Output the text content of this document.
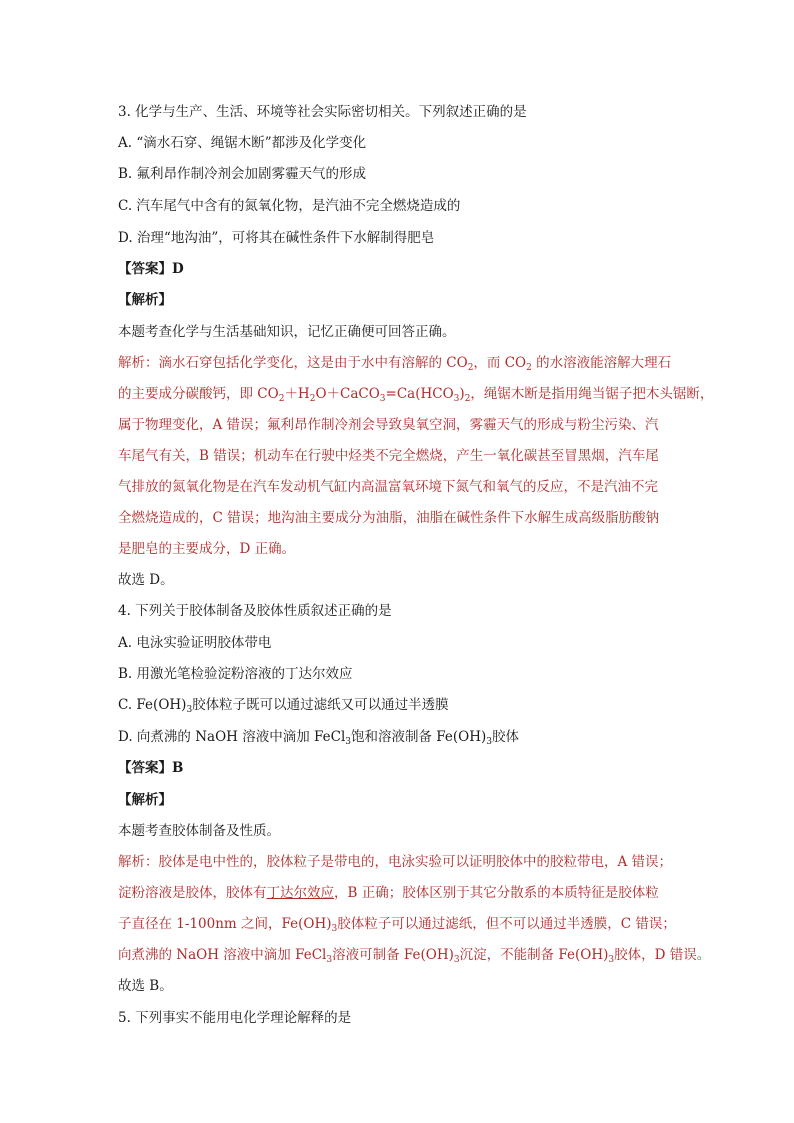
3. 化学与生产、生活、环境等社会实际密切相关。下列叙述正确的是
A. “滴水石穿、绳锯木断”都涉及化学变化
B. 氟利昂作制冷剂会加剧雾霾天气的形成
C. 汽车尾气中含有的氮氧化物，是汽油不完全燃烧造成的
D. 治理“地沟油”，可将其在碱性条件下水解制得肥皂
【答案】D
【解析】
本题考查化学与生活基础知识，记忆正确便可回答正确。
解析：滴水石穿包括化学变化，这是由于水中有溶解的 $CO_2$，而 $CO_2$ 的水溶液能溶解大理石
的主要成分碳酸钙，即 $CO_2+H_2O+CaCO_3=Ca(HCO_3)_2$，绳锯木断是指用绳当锯子把木头锯断，
属于物理变化，A 错误；氟利昂作制冷剂会导致臭氧空洞，雾霾天气的形成与粉尘污染、汽
车尾气有关，B 错误；机动车在行驶中烃类不完全燃烧，产生一氧化碳甚至冒黑烟，汽车尾
气排放的氮氧化物是在汽车发动机气缸内高温富氧环境下氮气和氧气的反应，不是汽油不完
全燃烧造成的，C 错误；地沟油主要成分为油脂，油脂在碱性条件下水解生成高级脂肪酸钠
是肥皂的主要成分，D 正确。
故选 D。
4. 下列关于胶体制备及胶体性质叙述正确的是
A. 电泳实验证明胶体带电
B. 用激光笔检验淀粉溶液的丁达尔效应
C. $Fe(OH)_3$胶体粒子既可以通过滤纸又可以通过半透膜
D. 向煮沸的 NaOH 溶液中滴加 FeCl$_3$饱和溶液制备 $Fe(OH)_3$胶体
【答案】B
【解析】
本题考查胶体制备及性质。
解析：胶体是电中性的，胶体粒子是带电的，电泳实验可以证明胶体中的胶粒带电，A 错误；
淀粉溶液是胶体，胶体有丁达尔效应，B 正确；胶体区别于其它分散系的本质特征是胶体粒
子直径在 1-100nm 之间，$Fe(OH)_3$胶体粒子可以通过滤纸，但不可以通过半透膜，C 错误；
向煮沸的 NaOH 溶液中滴加 FeCl$_3$溶液可制备 $Fe(OH)_3$沉淀，不能制备 $Fe(OH)_3$胶体，D 错误。
故选 B。
5. 下列事实不能用电化学理论解释的是
